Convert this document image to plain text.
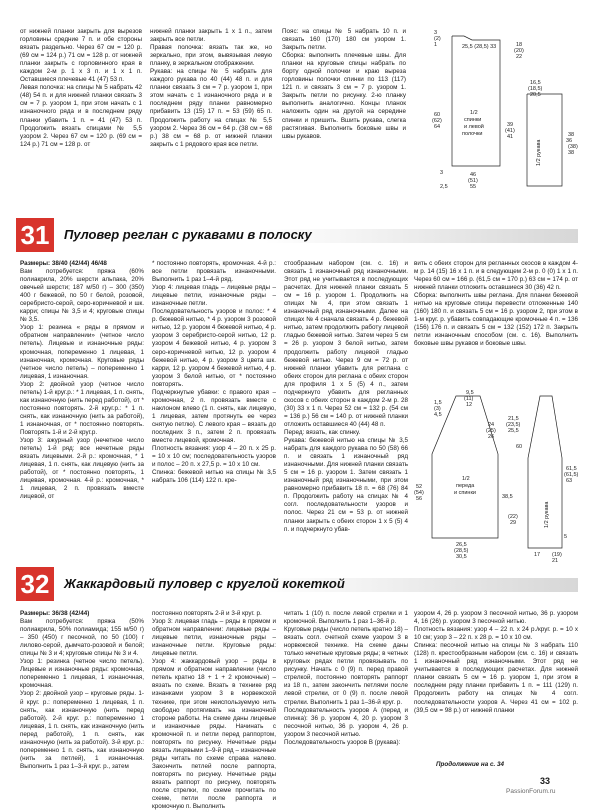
от нижней планки закрыть для вырезов горловины средние 7 п. и обе стороны вязать раздельно. Через 67 см = 120 р. (69 см = 124 р.) 71 см = 128 р. от нижней планки закрыть с горловинного края в каждом 2-м р. 1 x 3 п. и 1 x 1 п. Оставшиеся плечевые 41 (47) 53 п.

Левая полочка: на спицы № 5 набрать 42 (48) 54 п. и для нижней планки связать 3 см = 7 р. узором 1, при этом начать с 1 изнаночного ряда и в последнем ряду планки убавить 1 п. = 41 (47) 53 п. Продолжить вязать спицами № 5,5 узором 2. Через 67 см = 120 р. (69 см = 124 р.) 71 см = 128 р. от

нижней планки закрыть 1 x 1 п., затем закрыть все петли.

Правая полочка: вязать так же, но зеркально, при этом, вывязывая левую планку, в зеркальном отображении.

Рукава: на спицы № 5 набрать для каждого рукава по 40 (44) 48 п. и для планки связать 3 см = 7 р. узором 1, при этом начать с 1 изнаночного ряда и в последнем ряду планки равномерно прибавить 13 (15) 17 п. = 53 (59) 65 п. Продолжить работу на спицах № 5,5 узором 2. Через 36 см = 64 р. (38 см = 68 р.) 38 см = 68 р. от нижней планки закрыть с 1 рядового края все петли.

Пояс: на спицы № 5 набрать 10 п. и связать 160 (170) 180 см узором 1. Закрыть петли.

Сборка: выполнить плечевые швы. Для планки на круговые спицы набрать по борту одной полочки и краю выреза горловины полочки спинки по 113 (117) 121 п. и связать 3 см = 7 р. узором 1. Закрыть петли по рисунку. 2-ю планку выполнить аналогично. Концы планок наложить один на другой на середине спинки и пришить. Вшить рукава, слегка растягивая. Выполнить боковые швы и швы рукавов.

3
(2)
1	25,5 (28,5) 33	18
(20)
22
1/2
спинки
и левой
полочки
60
(62)
64	39
(41)
41	38
36
(38)
38
16,5
(18,5)
20,5
1/2 рукава
3	46
(51)
55
2,5
31	Пуловер реглан с рукавами в полоску

Размеры: 38/40 (42/44) 46/48

Вам потребуется: пряжа (60% полиакрила, 20% шерсти альпака, 20% овечьей шерсти; 187 м/50 г) – 300 (350) 400 г бежевой, по 50 г белой, розовой, серебристо-серой, серо-коричневой и шк. карри; спицы № 3,5 и 4; круговые спицы № 3,5.

Узор 1: резинка « ряды в прямом и обратном направлении» (четное число петель). Лицевые и изнаночные ряды: кромочная, попеременно 1 лицевая, 1 изнаночная, кромочная. Круговые ряды (четное число петель) – попеременно 1 лицевая, 1 изнаночная.

Узор 2: двойной узор (четное число петель) 1-й круг.р.: * 1 лицевая, 1 п. снять, как изнаночную (нить перед работой), от * постоянно повторять. 2-й круг.р.: * 1 п. снять, как изнаночную (нить за работой), 1 изнаночная, от * постоянно повторять. Повторять 1-й и 2-й круг.р.

Узор 3: ажурный узор (нечетное число петель) 1-й ряд: все нечетные ряды вязать лицевыми. 2-й р.: кромочная, * 1 лицевая, 1 п. снять, как лицевую (нить за работой), от * постоянно повторять, 1 лицевая, кромочная. 4-й р.: кромочная, * 1 лицевая, 2 п. провязать вместе лицевой, от

* постоянно повторять, кромочная. 4-й р.: все петли провязать изнаночными. Выполнить 1 раз 1–4-й ряд.

Узор 4: лицевая гладь – лицевые ряды – лицевые петли, изнаночные ряды – изнаночные петли.

Последовательность узоров и полос: * 4 р. бежевой нитью, * 4 р. узором 3 розовой нитью, 12 р. узором 4 бежевой нитью, 4 р. узором 3 серебристо-серой нитью, 12 р. узором 4 бежевой нитью, 4 р. узором 3 серо-коричневой нитью, 12 р. узором 4 бежевой нитью, 4 р. узором 3 цвета шк. карри, 12 р. узором 4 бежевой нитью, 4 р. узором 3 белой нитью, от * постоянно повторять.

Подчеркнутые убавки: с правого края – кромочная, 2 п. провязать вместе с наклоном влево (1 п. снять, как лицевую, 1 лицевая, затем протянуть ее через снятую петлю). С левого края – вязать до последних 3 п., затем 2 п. провязать вместе лицевой, кромочная.

Плотность вязания: узор 4 – 20 п. x 25 р. = 10 x 10 см; последовательность узоров и полос – 20 п. x 27,5 р. = 10 x 10 см.

Спинка: бежевой нитью на спицы № 3,5 набрать 106 (114) 122 п. кре-

стообразным набором (см. с. 16) и связать 1 изнаночный ряд изнаночными. Этот ряд не учитывается в последующих расчетах. Для нижней планки связать 5 см = 16 р. узором 1. Продолжить на спицах № 4, при этом связать 1 изнаночный ряд изнаночными. Далее на спицах № 4 сначала связать 4 р. бежевой нитью, затем продолжить работу лицевой гладью бежевой нитью. Затем через 5 см = 26 р. узором 3 белой нитью, затем продолжить работу лицевой гладью бежевой нитью. Через 9 см = 72 р. от нижней планки убавить для реглана с обеих сторон для реглана с обеих сторон для профиля 1 x 5 (5) 4 п., затем подчеркнуто убавить для регланных скосов с обеих сторон в каждом 2-м р. 28 (30) 33 x 1 п. Через 52 см = 132 р. (54 см = 136 р.) 56 см = 140 р. от нижней планки отложить оставшиеся 40 (44) 48 п.

Перед: вязать, как спинку.

Рукава: бежевой нитью на спицы № 3,5 набрать для каждого рукава по 50 (58) 66 п. и связать 1 изнаночный ряд изнаночными. Для нижней планки связать 5 см = 16 р. узором 1. Затем связать 1 изнаночный ряд изнаночными, при этом равномерно прибавить 18 п. = 68 (76) 84 п. Продолжить работу на спицах № 4 согл. последовательности узоров и полос. Через 21 см = 53 р. от нижней планки закрыть с обеих сторон 1 x 5 (5) 4 п. и подчеркнуто убав-

вить с обеих сторон для регланных скосов в каждом 4-м р. 14 (15) 16 x 1 п. и в следующем 2-м р. 0 (0) 1 x 1 п. Через 60 см = 166 р. (61,5 см = 170 р.) 63 см = 174 р. от нижней планки отложить оставшиеся 30 (36) 42 п.

Сборка: выполнить швы реглана. Для планки бежевой нитью на круговые спицы перевести отложенные 140 (160) 180 п. и связать 5 см = 16 р. узором 2, при этом в 1-м круг. р. убавить совпадающие кромочные 4 п. = 136 (156) 176 п. и связать 5 см = 132 (152) 172 п. Закрыть петли изнаночным способом (см. с. 16). Выполнить боковые швы рукавов и боковые швы.

9,5
(11)
12
1,5
(3)
4,5
24
(25)
26
1/2
переда
и спинки
26,5
(28,5)
30,5
52
(54)
56	38,5
21,5
(23,5)
25,5
17 (19)
21
(22)
29
61,5
(61,5)
63
1/2 рукава
5
60
32	Жаккардовый пуловер с круглой кокеткой

Размеры: 36/38 (42/44)

Вам потребуется: пряжа (50% полиакрила, 50% полиамида; 155 м/50 г) – 350 (450) г песочной, по 50 (100) г лилово-серой, дымчато-розовой и белой; спицы № 3 и 4; круговые спицы № 3 и 4.

Узор 1: резинка (четное число петель). Лицевые и изнаночные ряды: кромочная, попеременно 1 лицевая, 1 изнаночная, кромочная.

Узор 2: двойной узор – круговые ряды. 1-й круг. р.: попеременно 1 лицевая, 1 п. снять, как изнаночную (нить перед работой). 2-й круг. р.: попеременно 1 лицевая, 1 п. снять, как изнаночную (нить перед работой), 1 п. снять, как изнаночную (нить за работой). 3-й круг. р.: попеременно 1 п. снять, как изнаночную (нить за петлей), 1 изнаночная. Выполнить 1 раз 1–3-й круг. р., затем

постоянно повторять 2-й и 3-й круг. р.

Узор 3: лицевая гладь – ряды в прямом и обратном направлении: лицевые ряды – лицевые петли, изнаночные ряды – изнаночные петли. Круговые ряды: лицевые петли.

Узор 4: жаккардовый узор – ряды в прямом и обратном направлении (число петель кратно 18 + 1 + 2 кромочные) – вязать по схеме. Вязать в технике ряд изнанками узором 3 в норвежской технике, при этом неиспользуемую нить свободно протягивать на изнаночной стороне работы. На схеме даны лицевые и изнаночные ряды. Начинать с кромочной п. и петли перед раппортом, повторять по рисунку. Нечетные ряды вязать лицевыми 1–9-й ряд – изнаночные ряды читать по схеме справа налево. Закончить петлей после раппорта, повторять по рисунку. Нечетные ряды вязать раппорт по рисунку, повторять после стрелки, по схеме прочитать по схеме, петли после раппорта и кромочную п. Выполнить

читать 1 (10) п. после левой стрелки и 1 кромочной. Выполнить 1 раз 1–36-й р.

Круговые ряды (число петель кратно 18) – вязать согл. счетной схеме узором 3 в норвежской технике. На схеме даны только нечетные круговые ряды; в четных круговых рядах петли провязывать по рисунку. Начать с 0 (9) п. перед правой стрелкой, постоянно повторять раппорт из 18 п., затем закончить петлями после левой стрелки, от 0 (9) п. после левой стрелки. Выполнить 1 раз 1–36-й круг. р.

Последовательность узоров А (перед и спинка): 36 р. узором 4, 20 р. узором 3 песочной нитью, 36 р. узором 4, 26 р. узором 3 песочной нитью.

Последовательность узоров В (рукава):

узором 4, 26 р. узором 3 песочной нитью, 36 р. узором 4, 16 (26) р. узором 3 песочной нитью.

Плотность вязания: узор 4 – 22 п. x 24 р./круг. р. = 10 x 10 см; узор 3 – 22 п. x 28 р. = 10 x 10 см.

Спинка: песочной нитью на спицы № 3 набрать 110 (128) п. крестообразным набором (см. с. 16) и связать 1 изнаночный ряд изнаночными. Этот ряд не учитывается в последующих расчетах. Для нижней планки связать 5 см = 16 р. узором 1, при этом в последнем ряду планки прибавить 1 п. = 111 (129) п. Продолжить работу на спицах № 4 согл. последовательности узоров А. Через 41 см = 102 р. (39,5 см = 98 р.) от нижней планки

Продолжение на с. 34
33
PassionForum.ru
